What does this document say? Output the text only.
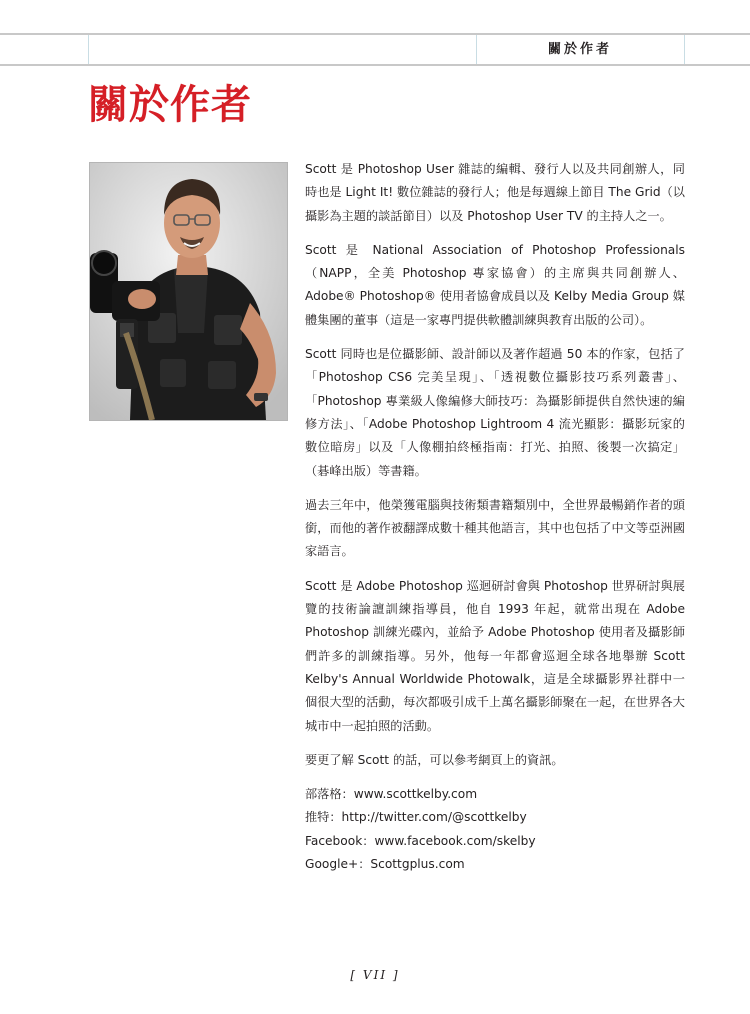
關於作者
關於作者

Scott 是 Photoshop User 雜誌的編輯、發行人以及共同創辦人，同時也是 Light It! 數位雜誌的發行人；他是每週線上節目 The Grid（以攝影為主題的談話節目）以及 Photoshop User TV 的主持人之一。

Scott 是 National Association of Photoshop Professionals（NAPP，全美 Photoshop 專家協會）的主席與共同創辦人、Adobe® Photoshop® 使用者協會成員以及 Kelby Media Group 媒體集團的董事（這是一家專門提供軟體訓練與教育出版的公司）。

Scott 同時也是位攝影師、設計師以及著作超過 50 本的作家，包括了「Photoshop CS6 完美呈現」、「透視數位攝影技巧系列叢書」、「Photoshop 專業級人像編修大師技巧：為攝影師提供自然快速的編修方法」、「Adobe Photoshop Lightroom 4 流光顯影：攝影玩家的數位暗房」以及「人像棚拍終極指南：打光、拍照、後製一次搞定」（碁峰出版）等書籍。

過去三年中，他榮獲電腦與技術類書籍類別中，全世界最暢銷作者的頭銜，而他的著作被翻譯成數十種其他語言，其中也包括了中文等亞洲國家語言。

Scott 是 Adobe Photoshop 巡迴研討會與 Photoshop 世界研討與展覽的技術論譠訓練指導員，他自 1993 年起，就常出現在 Adobe Photoshop 訓練光碟內，並給予 Adobe Photoshop 使用者及攝影師們許多的訓練指導。另外，他每一年都會巡迴全球各地舉辦 Scott Kelby's Annual Worldwide Photowalk，這是全球攝影界社群中一個很大型的活動，每次都吸引成千上萬名攝影師聚在一起，在世界各大城市中一起拍照的活動。

要更了解 Scott 的話，可以參考網頁上的資訊。

部落格：www.scottkelby.com
推特：http://twitter.com/@scottkelby
Facebook：www.facebook.com/skelby
Google+：Scottgplus.com
[ VII ]
